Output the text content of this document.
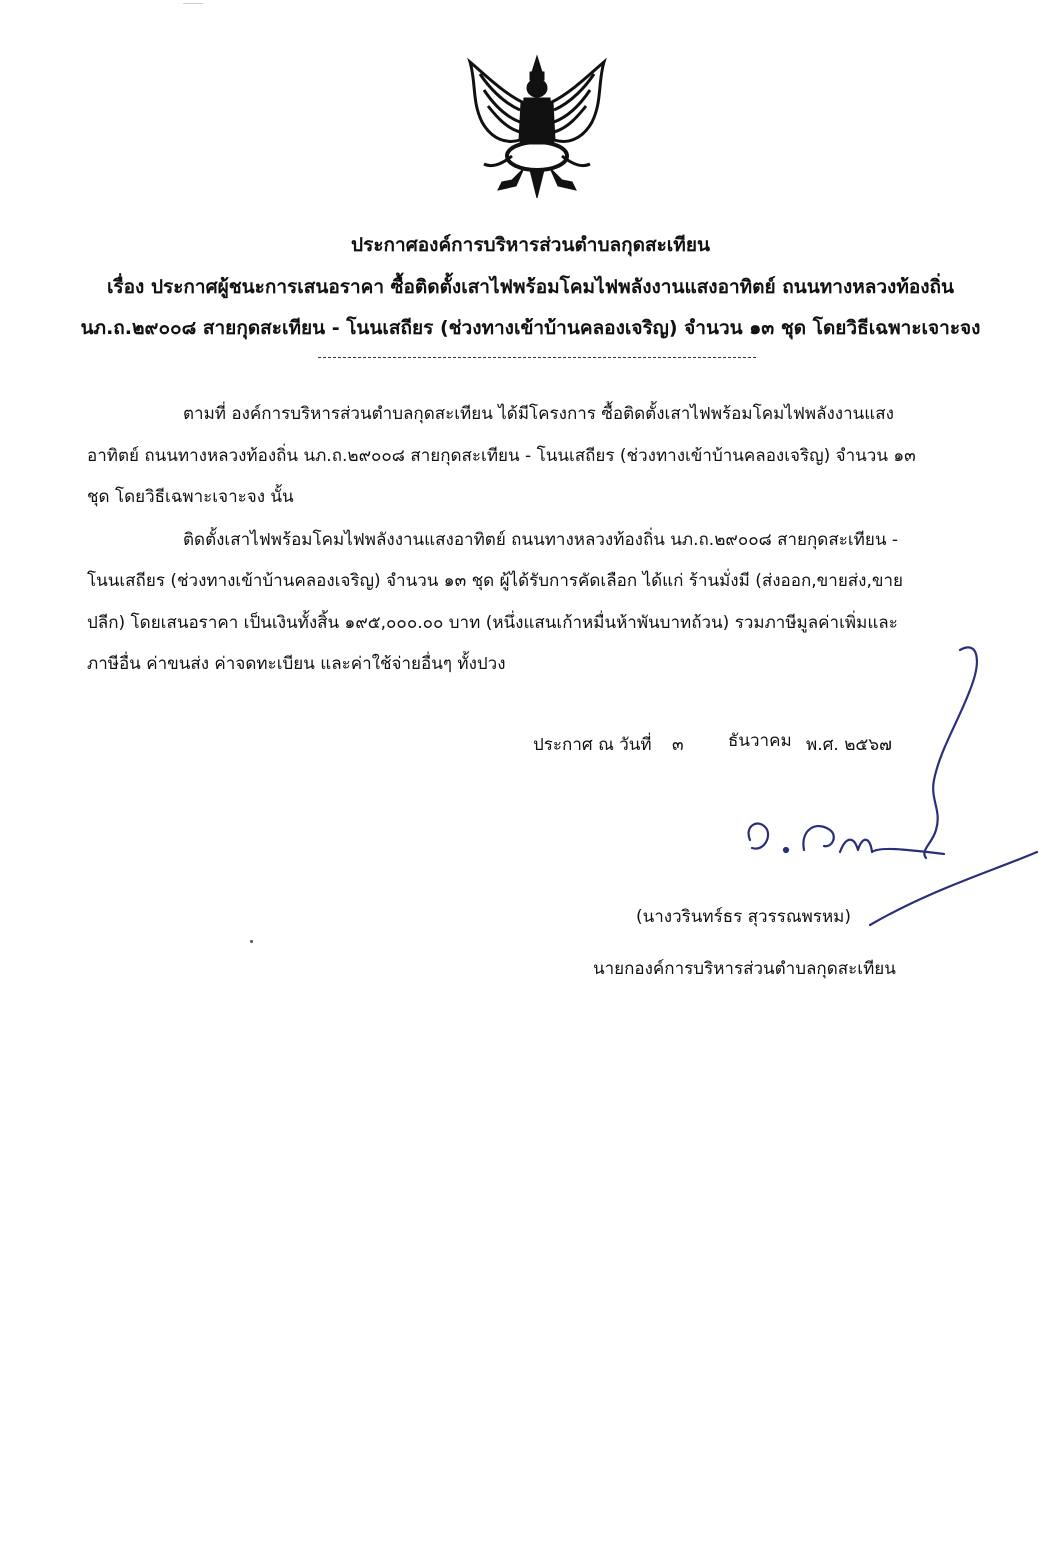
ประกาศองค์การบริหารส่วนตำบลกุดสะเทียน
เรื่อง ประกาศผู้ชนะการเสนอราคา ซื้อติดตั้งเสาไฟพร้อมโคมไฟพลังงานแสงอาทิตย์ ถนนทางหลวงท้องถิ่น
นภ.ถ.๒๙๐๐๘ สายกุดสะเทียน - โนนเสถียร (ช่วงทางเข้าบ้านคลองเจริญ) จำนวน ๑๓ ชุด โดยวิธีเฉพาะเจาะจง
ตามที่ องค์การบริหารส่วนตำบลกุดสะเทียน ได้มีโครงการ ซื้อติดตั้งเสาไฟพร้อมโคมไฟพลังงานแสง
อาทิตย์ ถนนทางหลวงท้องถิ่น นภ.ถ.๒๙๐๐๘ สายกุดสะเทียน - โนนเสถียร (ช่วงทางเข้าบ้านคลองเจริญ) จำนวน ๑๓
ชุด โดยวิธีเฉพาะเจาะจง นั้น
ติดตั้งเสาไฟพร้อมโคมไฟพลังงานแสงอาทิตย์ ถนนทางหลวงท้องถิ่น นภ.ถ.๒๙๐๐๘ สายกุดสะเทียน -
โนนเสถียร (ช่วงทางเข้าบ้านคลองเจริญ) จำนวน ๑๓ ชุด ผู้ได้รับการคัดเลือก ได้แก่ ร้านมั่งมี (ส่งออก,ขายส่ง,ขาย
ปลีก) โดยเสนอราคา เป็นเงินทั้งสิ้น ๑๙๕,๐๐๐.๐๐ บาท (หนึ่งแสนเก้าหมื่นห้าพันบาทถ้วน) รวมภาษีมูลค่าเพิ่มและ
ภาษีอื่น ค่าขนส่ง ค่าจดทะเบียน และค่าใช้จ่ายอื่นๆ ทั้งปวง
ประกาศ ณ วันที่ ๓	ธันวาคม พ.ศ. ๒๕๖๗
(นางวรินทร์ธร สุวรรณพรหม)
นายกองค์การบริหารส่วนตำบลกุดสะเทียน
